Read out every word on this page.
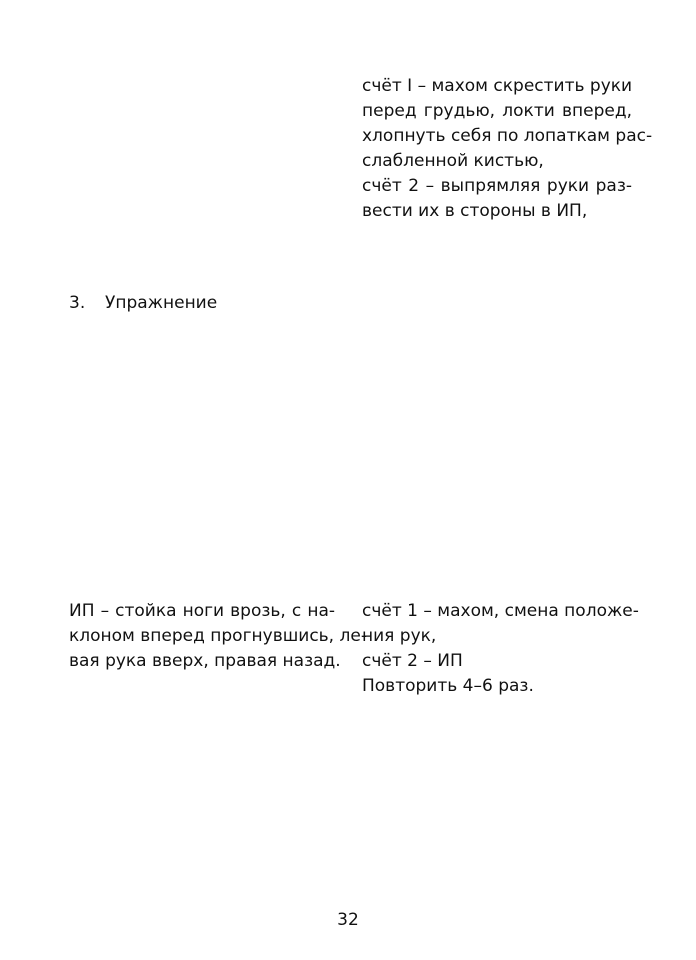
счёт I – махом скрестить руки
перед грудью, локти вперед,
хлопнуть себя по лопаткам рас-
слабленной кистью,
счёт 2 – выпрямляя руки раз-
вести их в стороны в ИП,
3. Упражнение
ИП – стойка ноги врозь, с на-
клоном вперед прогнувшись, ле-
вая рука вверх, правая назад.
счёт 1 – махом, смена положе-
ния рук,
счёт 2 – ИП
Повторить 4–6 раз.
32
